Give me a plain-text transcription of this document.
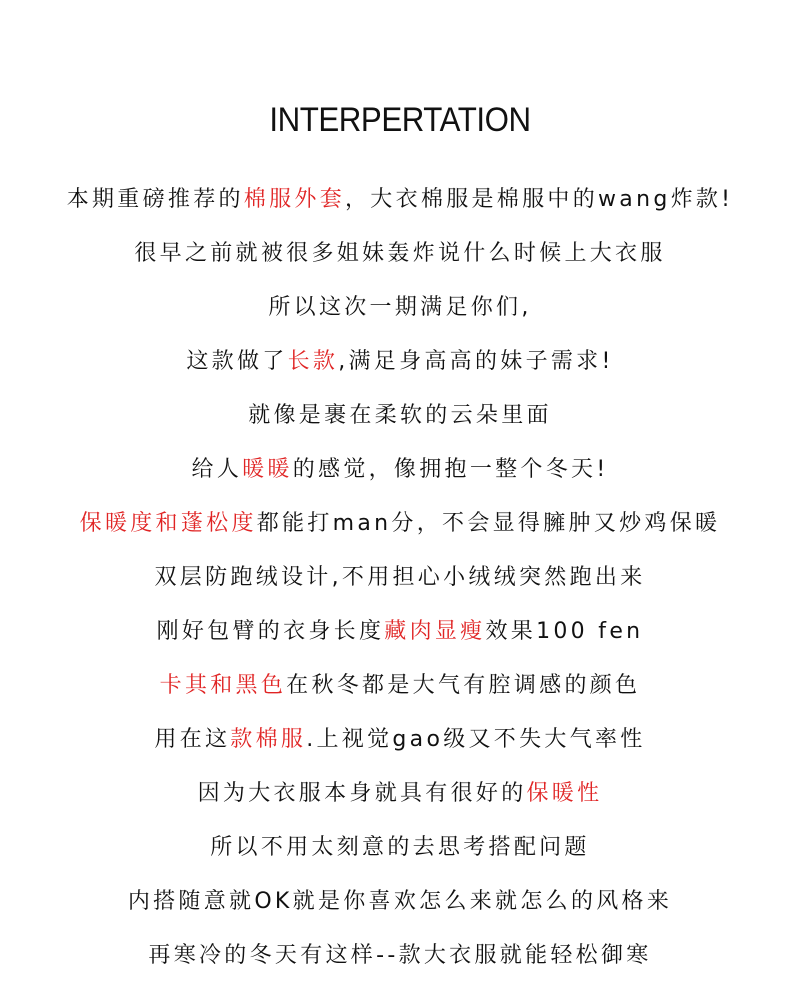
INTERPERTATION
本期重磅推荐的棉服外套，大衣棉服是棉服中的wang炸款!
很早之前就被很多姐妹轰炸说什么时候上大衣服
所以这次一期满足你们,
这款做了长款,满足身高高的妹子需求!
就像是裹在柔软的云朵里面
给人暖暖的感觉，像拥抱一整个冬天!
保暖度和蓬松度都能打man分，不会显得臃肿又炒鸡保暖
双层防跑绒设计,不用担心小绒绒突然跑出来
刚好包臂的衣身长度藏肉显瘦效果100 fen
卡其和黑色在秋冬都是大气有腔调感的颜色
用在这款棉服.上视觉gao级又不失大气率性
因为大衣服本身就具有很好的保暖性
所以不用太刻意的去思考搭配问题
内搭随意就OK就是你喜欢怎么来就怎么的风格来
再寒冷的冬天有这样--款大衣服就能轻松御寒
